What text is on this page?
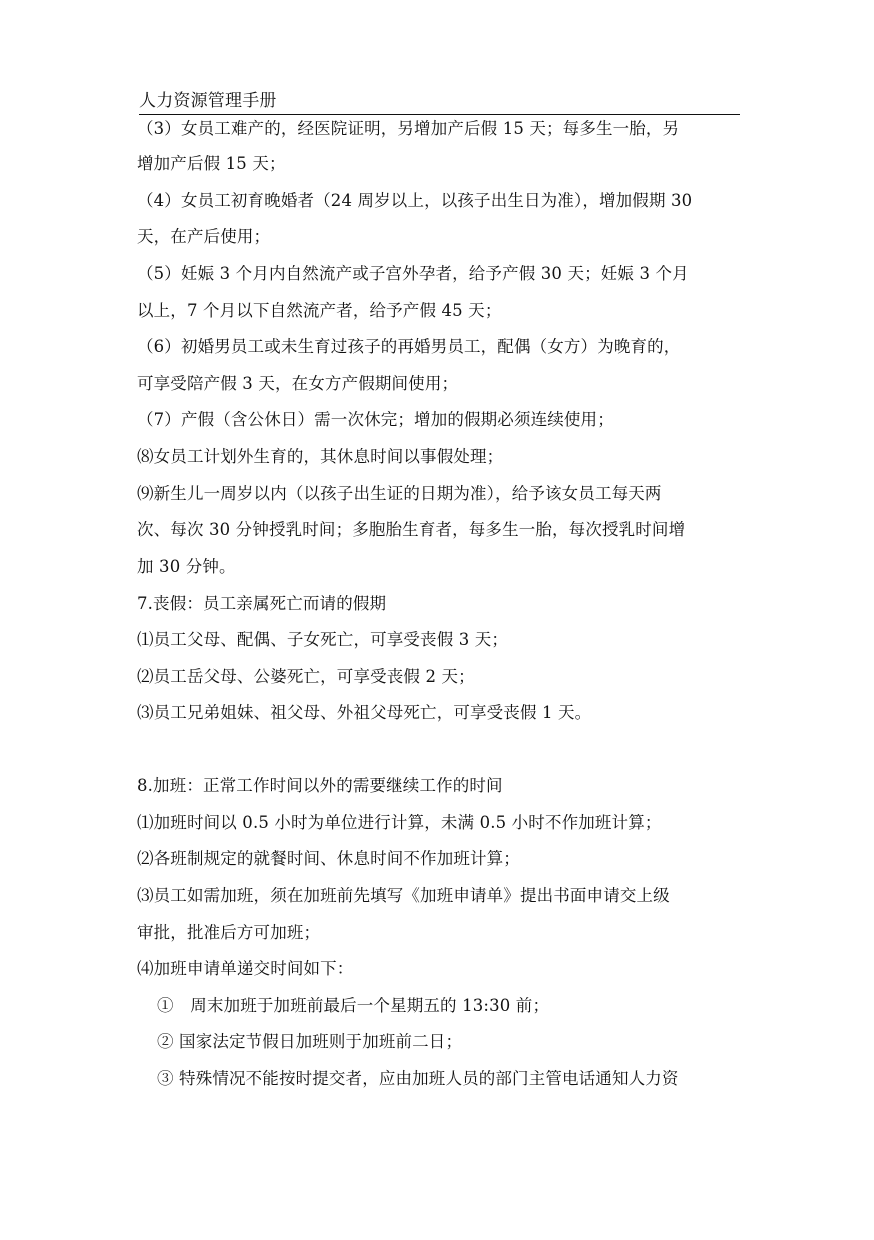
人力资源管理手册
（3）女员工难产的，经医院证明，另增加产后假 15 天；每多生一胎，另
增加产后假 15 天；
（4）女员工初育晚婚者（24 周岁以上，以孩子出生日为准），增加假期 30
天，在产后使用；
（5）妊娠 3 个月内自然流产或子宫外孕者，给予产假 30 天；妊娠 3 个月
以上，7 个月以下自然流产者，给予产假 45 天；
（6）初婚男员工或未生育过孩子的再婚男员工，配偶（女方）为晚育的，
可享受陪产假 3 天，在女方产假期间使用；
（7）产假（含公休日）需一次休完；增加的假期必须连续使用；
⑻女员工计划外生育的，其休息时间以事假处理；
⑼新生儿一周岁以内（以孩子出生证的日期为准），给予该女员工每天两
次、每次 30 分钟授乳时间；多胞胎生育者，每多生一胎，每次授乳时间增
加 30 分钟。
7.丧假：员工亲属死亡而请的假期
⑴员工父母、配偶、子女死亡，可享受丧假 3 天；
⑵员工岳父母、公婆死亡，可享受丧假 2 天；
⑶员工兄弟姐妹、祖父母、外祖父母死亡，可享受丧假 1 天。
8.加班：正常工作时间以外的需要继续工作的时间
⑴加班时间以 0.5 小时为单位进行计算，未满 0.5 小时不作加班计算；
⑵各班制规定的就餐时间、休息时间不作加班计算；
⑶员工如需加班，须在加班前先填写《加班申请单》提出书面申请交上级
审批，批准后方可加班；
⑷加班申请单递交时间如下：
①　周末加班于加班前最后一个星期五的 13:30 前；
② 国家法定节假日加班则于加班前二日；
③ 特殊情况不能按时提交者，应由加班人员的部门主管电话通知人力资
